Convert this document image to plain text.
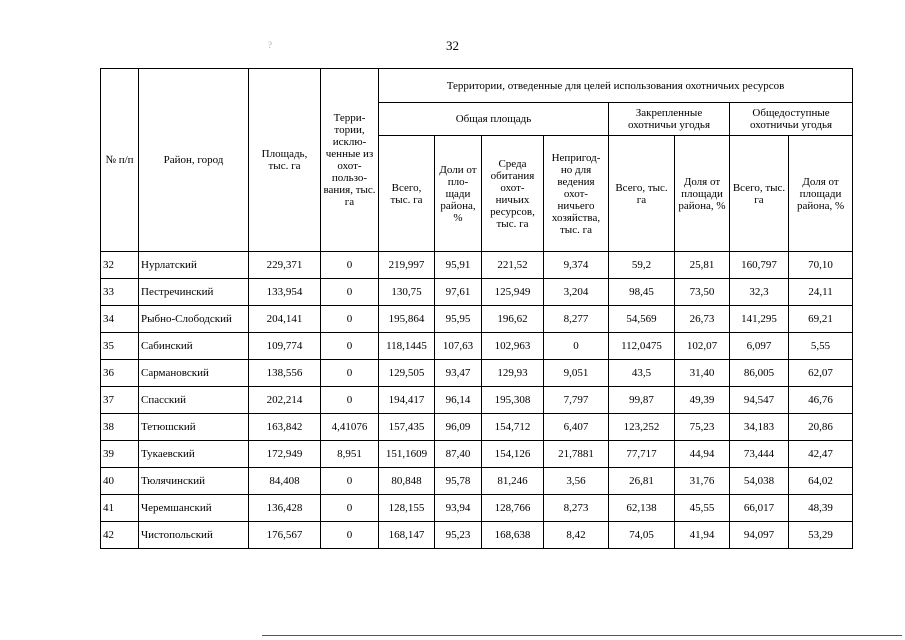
32
?
№ п/п	Район, город	Площадь, тыс. га	Терри-тории, исклю-ченные из охот-пользо-вания, тыс. га	Территории, отведенные для целей использования охотничьих ресурсов							
				Общая площадь				Закрепленные охотничьи угодья		Общедоступные охотничьи угодья	
				Всего, тыс. га	Доли от пло-щади района, %	Среда обитания охот-ничьих ресурсов, тыс. га	Непригод-но для ведения охот-ничьего хозяйства, тыс. га	Всего, тыс. га	Доля от площади района, %	Всего, тыс. га	Доля от площади района, %
32	Нурлатский	229,371	0	219,997	95,91	221,52	9,374	59,2	25,81	160,797	70,10
33	Пестречинский	133,954	0	130,75	97,61	125,949	3,204	98,45	73,50	32,3	24,11
34	Рыбно-Слободский	204,141	0	195,864	95,95	196,62	8,277	54,569	26,73	141,295	69,21
35	Сабинский	109,774	0	118,1445	107,63	102,963	0	112,0475	102,07	6,097	5,55
36	Сармановский	138,556	0	129,505	93,47	129,93	9,051	43,5	31,40	86,005	62,07
37	Спасский	202,214	0	194,417	96,14	195,308	7,797	99,87	49,39	94,547	46,76
38	Тетюшский	163,842	4,41076	157,435	96,09	154,712	6,407	123,252	75,23	34,183	20,86
39	Тукаевский	172,949	8,951	151,1609	87,40	154,126	21,7881	77,717	44,94	73,444	42,47
40	Тюлячинский	84,408	0	80,848	95,78	81,246	3,56	26,81	31,76	54,038	64,02
41	Черемшанский	136,428	0	128,155	93,94	128,766	8,273	62,138	45,55	66,017	48,39
42	Чистопольский	176,567	0	168,147	95,23	168,638	8,42	74,05	41,94	94,097	53,29
